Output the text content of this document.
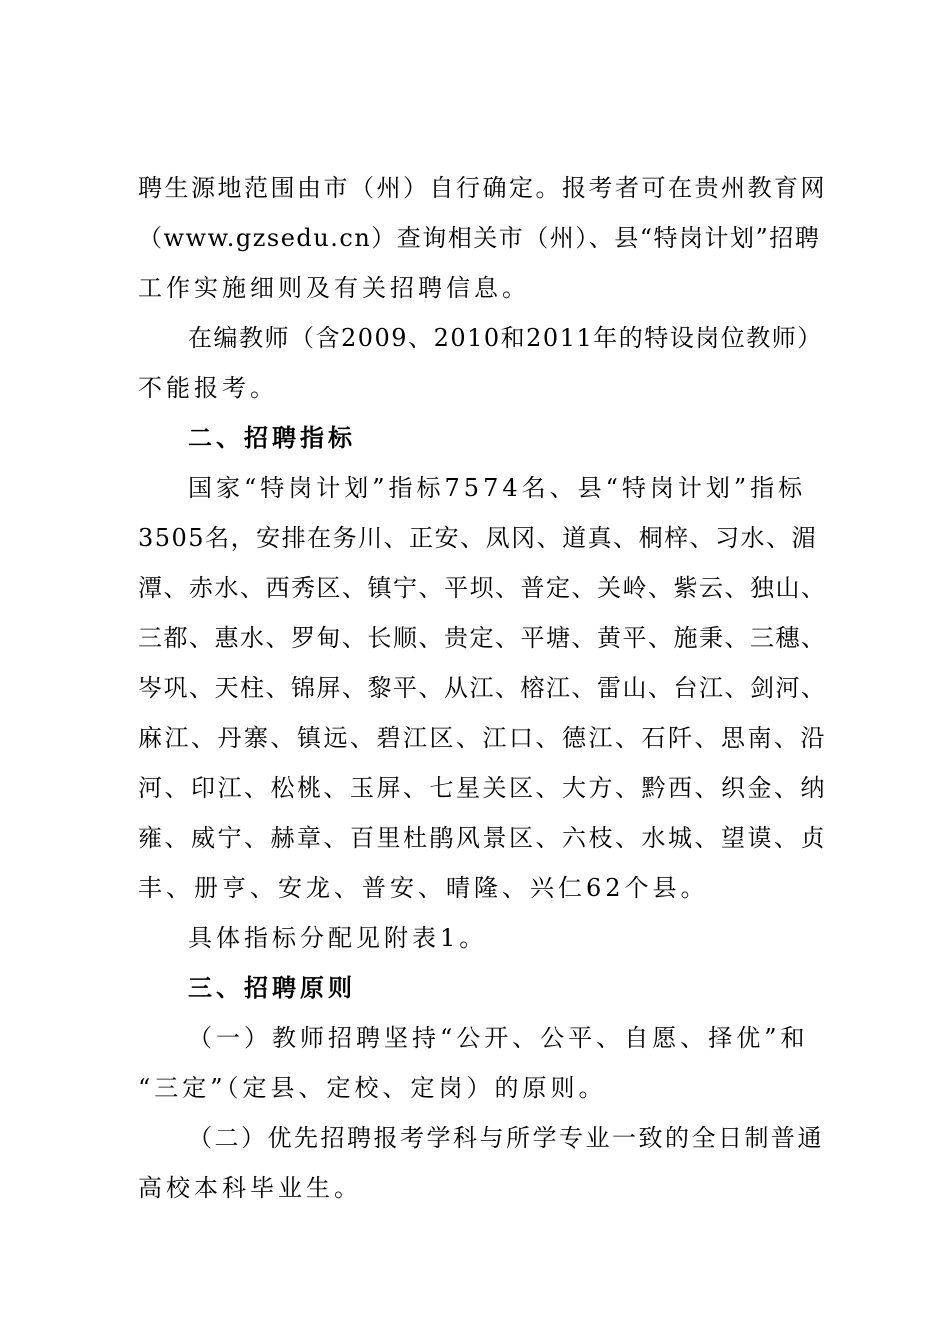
聘生源地范围由市（州）自行确定。报考者可在贵州教育网
（www.gzsedu.cn）查询相关市（州）、县“特岗计划”招聘
工作实施细则及有关招聘信息。
在编教师（含2009、2010和2011年的特设岗位教师）
不能报考。
二、招聘指标
国家“特岗计划”指标7574名、县“特岗计划”指标
3505名，安排在务川、正安、凤冈、道真、桐梓、习水、湄
潭、赤水、西秀区、镇宁、平坝、普定、关岭、紫云、独山、
三都、惠水、罗甸、长顺、贵定、平塘、黄平、施秉、三穗、
岑巩、天柱、锦屏、黎平、从江、榕江、雷山、台江、剑河、
麻江、丹寨、镇远、碧江区、江口、德江、石阡、思南、沿
河、印江、松桃、玉屏、七星关区、大方、黔西、织金、纳
雍、威宁、赫章、百里杜鹃风景区、六枝、水城、望谟、贞
丰、册亨、安龙、普安、晴隆、兴仁62个县。
具体指标分配见附表1。
三、招聘原则
（一）教师招聘坚持“公开、公平、自愿、择优”和
“三定”（定县、定校、定岗）的原则。
（二）优先招聘报考学科与所学专业一致的全日制普通
高校本科毕业生。
